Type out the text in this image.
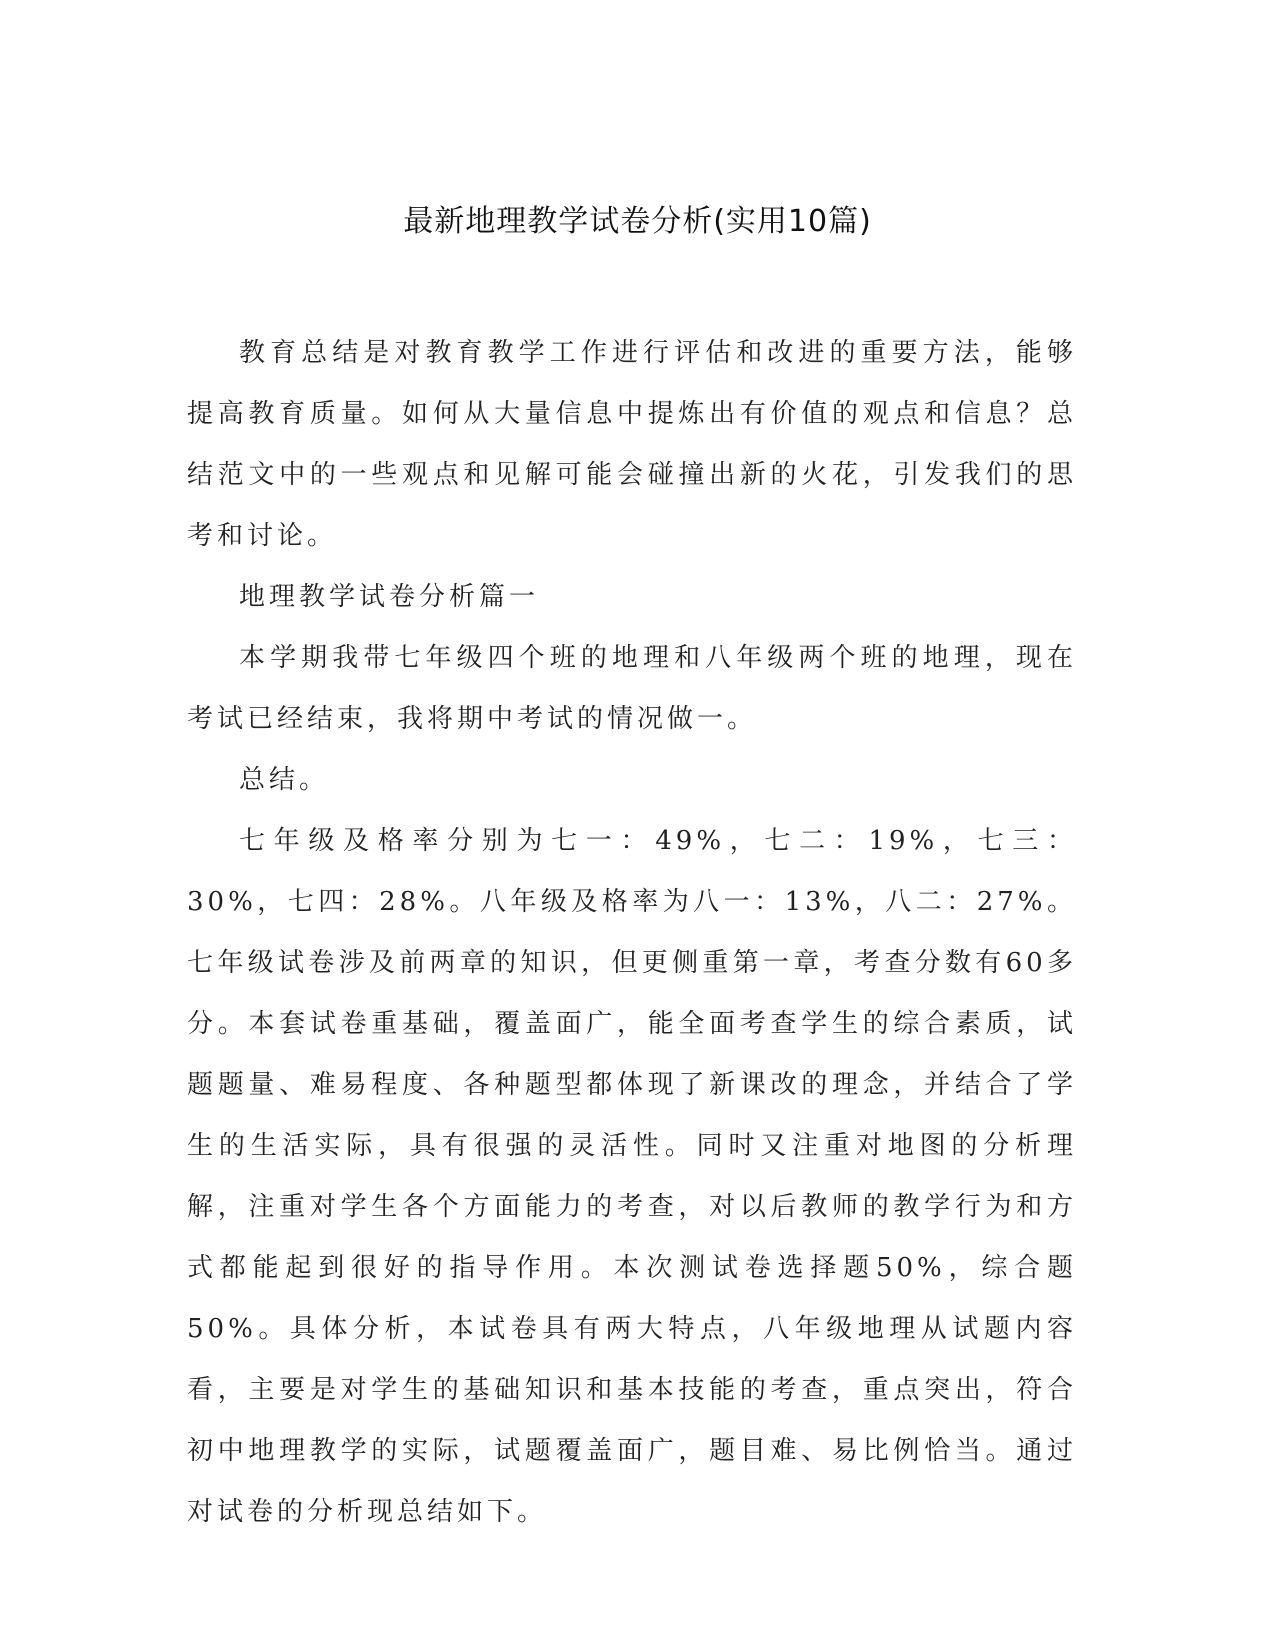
最新地理教学试卷分析(实用10篇)

教育总结是对教育教学工作进行评估和改进的重要方法，能够提高教育质量。如何从大量信息中提炼出有价值的观点和信息？总结范文中的一些观点和见解可能会碰撞出新的火花，引发我们的思考和讨论。

地理教学试卷分析篇一

本学期我带七年级四个班的地理和八年级两个班的地理，现在考试已经结束，我将期中考试的情况做一。

总结。

七年级及格率分别为七一：49%，七二：19%，七三：30%，七四：28%。八年级及格率为八一：13%，八二：27%。七年级试卷涉及前两章的知识，但更侧重第一章，考查分数有60多分。本套试卷重基础，覆盖面广，能全面考查学生的综合素质，试题题量、难易程度、各种题型都体现了新课改的理念，并结合了学生的生活实际，具有很强的灵活性。同时又注重对地图的分析理解，注重对学生各个方面能力的考查，对以后教师的教学行为和方式都能起到很好的指导作用。本次测试卷选择题50%，综合题50%。具体分析，本试卷具有两大特点，八年级地理从试题内容看，主要是对学生的基础知识和基本技能的考查，重点突出，符合初中地理教学的实际，试题覆盖面广，题目难、易比例恰当。通过对试卷的分析现总结如下。
